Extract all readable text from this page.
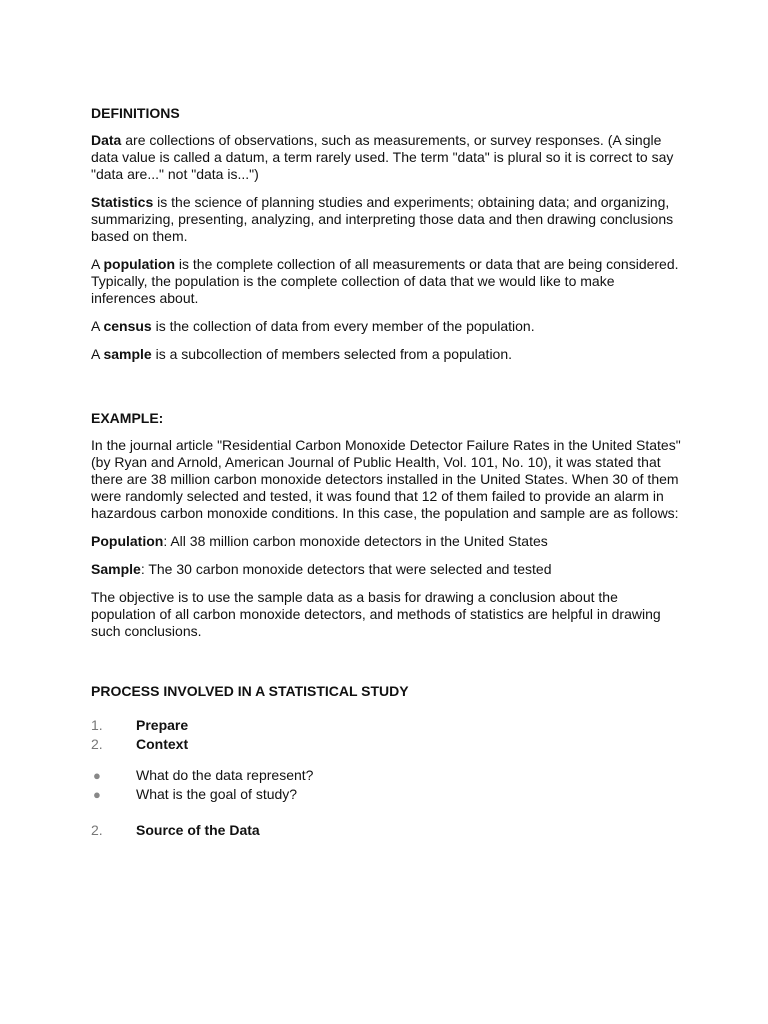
DEFINITIONS

Data are collections of observations, such as measurements, or survey responses. (A single data value is called a datum, a term rarely used. The term "data" is plural so it is correct to say "data are..." not "data is...")

Statistics is the science of planning studies and experiments; obtaining data; and organizing, summarizing, presenting, analyzing, and interpreting those data and then drawing conclusions based on them.

A population is the complete collection of all measurements or data that are being considered. Typically, the population is the complete collection of data that we would like to make inferences about.

A census is the collection of data from every member of the population.

A sample is a subcollection of members selected from a population.

EXAMPLE:

In the journal article "Residential Carbon Monoxide Detector Failure Rates in the United States" (by Ryan and Arnold, American Journal of Public Health, Vol. 101, No. 10), it was stated that there are 38 million carbon monoxide detectors installed in the United States. When 30 of them were randomly selected and tested, it was found that 12 of them failed to provide an alarm in hazardous carbon monoxide conditions. In this case, the population and sample are as follows:

Population: All 38 million carbon monoxide detectors in the United States

Sample: The 30 carbon monoxide detectors that were selected and tested

The objective is to use the sample data as a basis for drawing a conclusion about the population of all carbon monoxide detectors, and methods of statistics are helpful in drawing such conclusions.

PROCESS INVOLVED IN A STATISTICAL STUDY
1.	Prepare
2.	Context
●	What do the data represent?
●	What is the goal of study?
2.	Source of the Data
